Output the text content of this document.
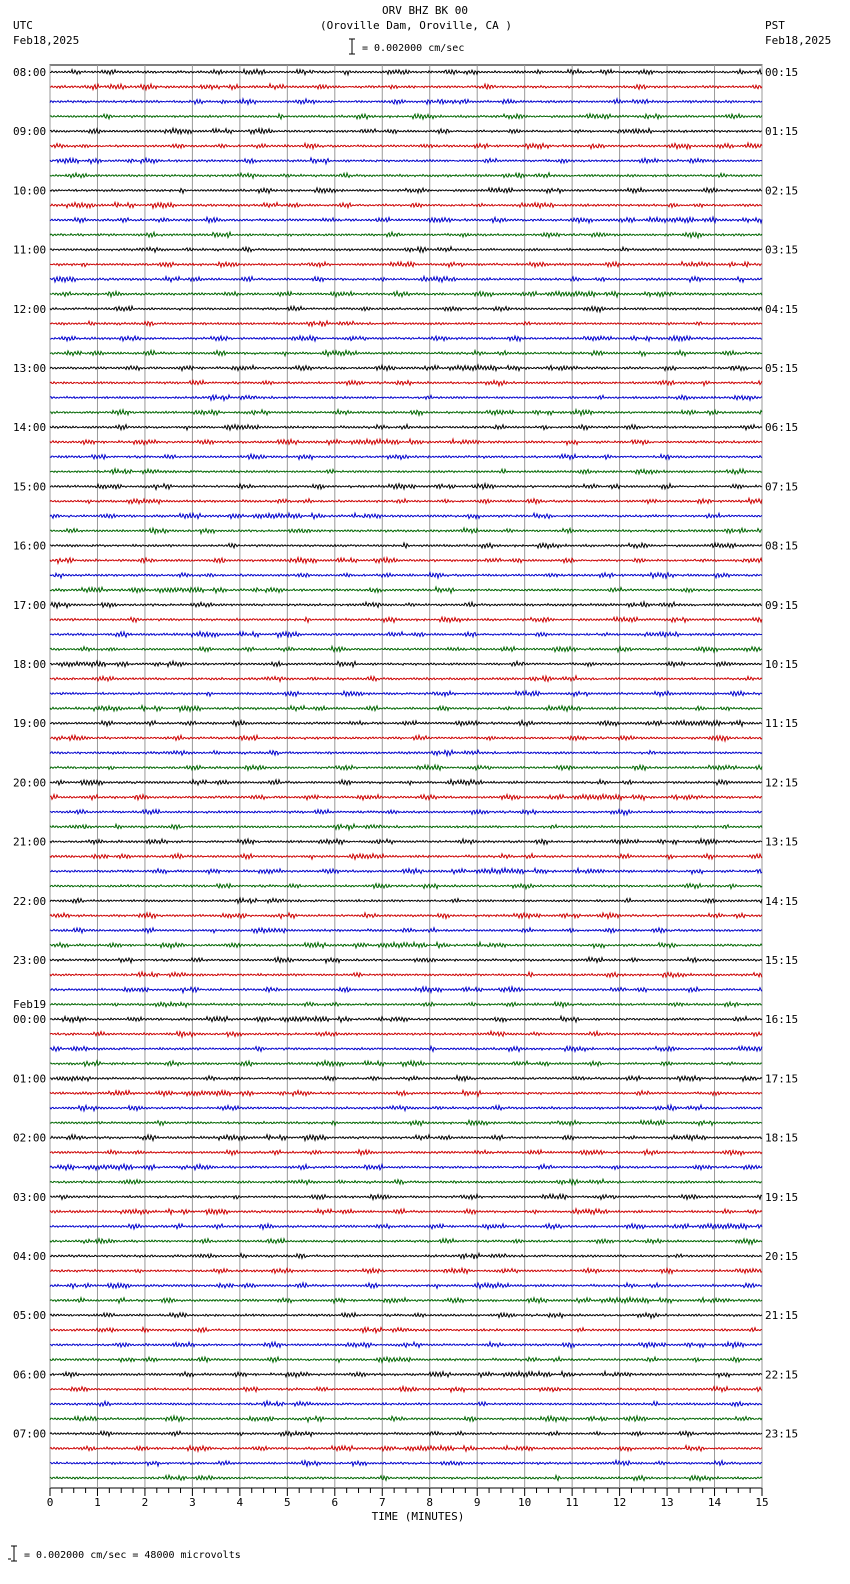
ORV BHZ BK 00
(Oroville Dam, Oroville, CA )
= 0.002000 cm/sec
UTC
Feb18,2025
PST
Feb18,2025
08:00
09:00
10:00
11:00
12:00
13:00
14:00
15:00
16:00
17:00
18:00
19:00
20:00
21:00
22:00
23:00
00:00
01:00
02:00
03:00
04:00
05:00
06:00
07:00
00:15
01:15
02:15
03:15
04:15
05:15
06:15
07:15
08:15
09:15
10:15
11:15
12:15
13:15
14:15
15:15
16:15
17:15
18:15
19:15
20:15
21:15
22:15
23:15
Feb19
0	1	2	3	4	5	6	7	8	9	10	11	12	13	14	15
TIME (MINUTES)
= 0.002000 cm/sec = 48000 microvolts
